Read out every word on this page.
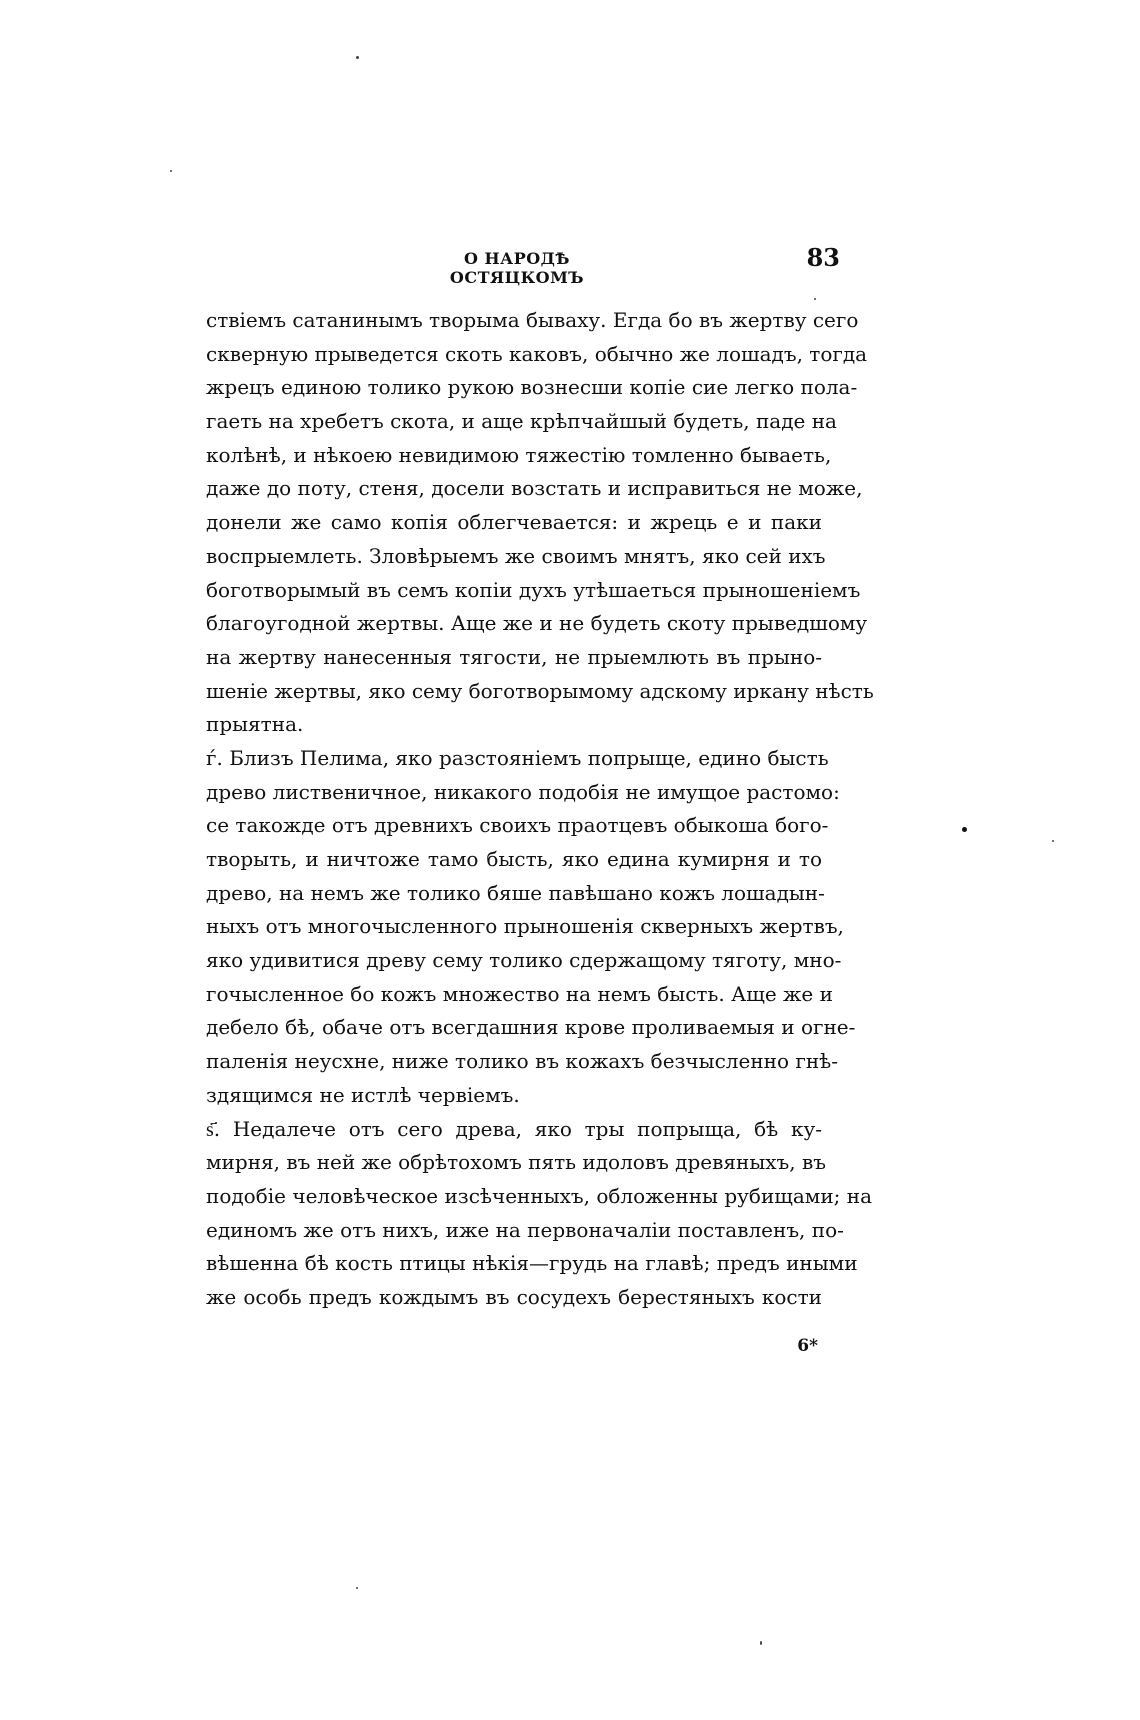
О НАРОДѢ ОСТЯЦКОМЪ
83
ствіемъ сатанинымъ творыма бываху. Егда бо въ жертву сего
скверную прыведется скоть каковъ, обычно же лошадъ, тогда
жрецъ единою толико рукою вознесши копіе сие легко пола-
гаеть на хребетъ скота, и аще крѣпчайшый будеть, паде на
колѣнѣ, и нѣкоею невидимою тяжестію томленно бываеть,
даже до поту, стеня, досели возстать и исправиться не може,
донели же само копія облегчевается: и жрець е и паки
воспрыемлеть. Зловѣрыемъ же своимъ мнятъ, яко сей ихъ
боготворымый въ семъ копіи духъ утѣшаеться прыношеніемъ
благоугодной жертвы. Аще же и не будеть скоту прыведшому
на жертву нанесенныя тягости, не прыемлють въ прыно-
шеніе жертвы, яко сему боготворымому адскому иркану нѣсть
прыятна.
ѓ. Близъ Пелима, яко разстояніемъ попрыще, едино бысть
древо лиственичное, никакого подобія не имущое растомо:
се такожде отъ древнихъ своихъ праотцевъ обыкоша бого-
творыть, и ничтоже тамо бысть, яко едина кумирня и то
древо, на немъ же толико бяше павѣшано кожъ лошадын-
ныхъ отъ многочысленного прыношенія скверныхъ жертвъ,
яко удивитися древу сему толико сдержащому тяготу, мно-
гочысленное бо кожъ множество на немъ бысть. Аще же и
дебело бѣ, обаче отъ всегдашния крове проливаемыя и огне-
паленія неусхне, ниже толико въ кожахъ безчысленно гнѣ-
здящимся не истлѣ червіемъ.
ѕ҃. Недалече отъ сего древа, яко тры попрыща, бѣ ку-
мирня, въ ней же обрѣтохомъ пять идоловъ древяныхъ, въ
подобіе человѣческое изсѣченныхъ, обложенны рубищами; на
единомъ же отъ нихъ, иже на первоначаліи поставленъ, по-
вѣшенна бѣ кость птицы нѣкія—грудь на главѣ; предъ иными
же особь предъ кождымъ въ сосудехъ берестяныхъ кости
6*
